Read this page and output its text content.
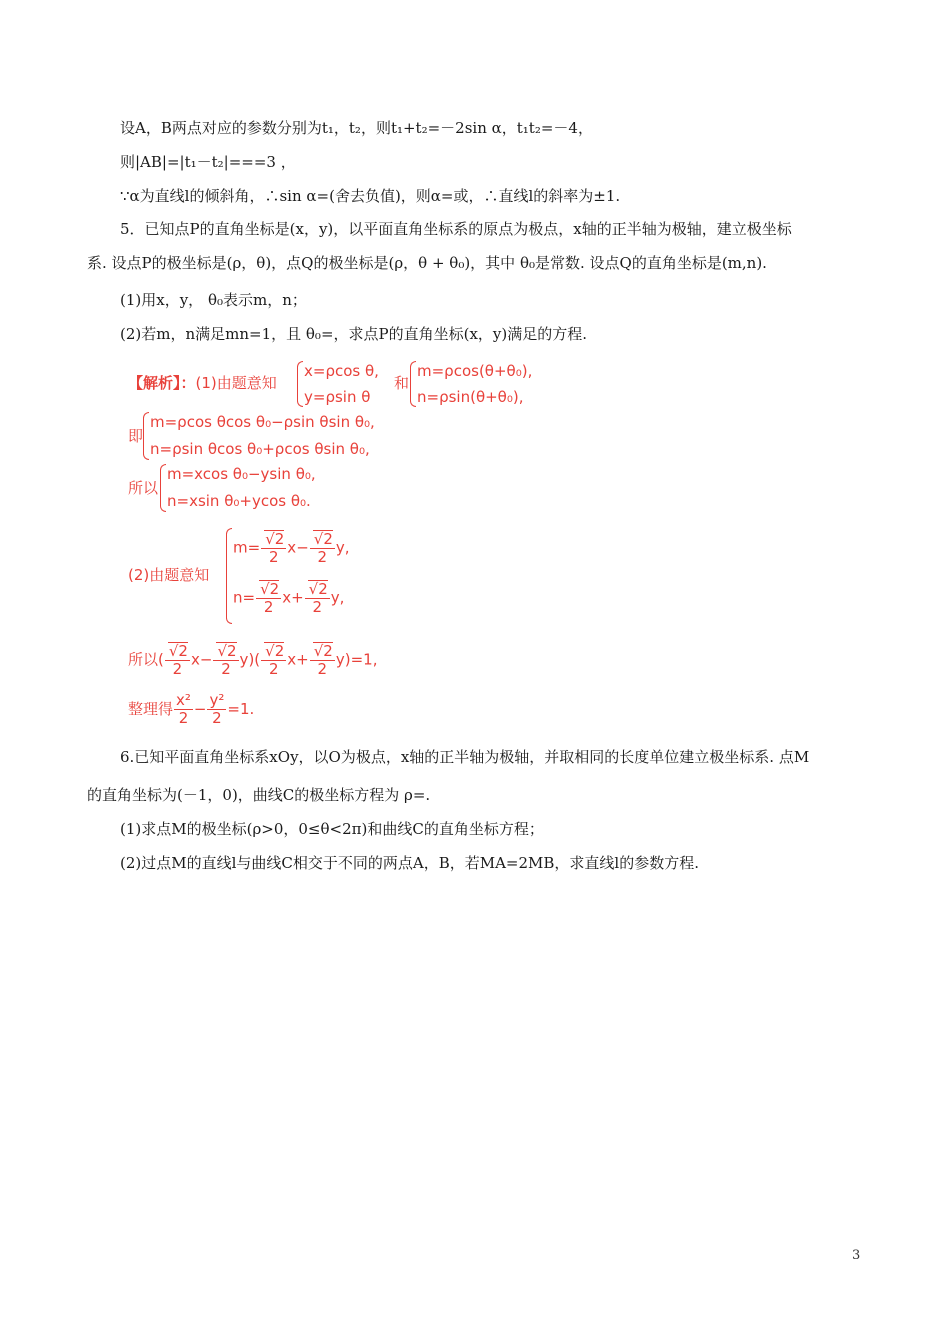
设A，B两点对应的参数分别为t₁，t₂，则t₁+t₂=－2sin α，t₁t₂=－4，
则|AB|=|t₁－t₂|===3 ，
∵α为直线l的倾斜角，∴sin α=(舍去负值)，则α=或，∴直线l的斜率为±1.
5．已知点P的直角坐标是(x，y)，以平面直角坐标系的原点为极点，x轴的正半轴为极轴，建立极坐标
系. 设点P的极坐标是(ρ，θ)，点Q的极坐标是(ρ，θ + θ₀)，其中 θ₀是常数. 设点Q的直角坐标是(m,n).
(1)用x，y， θ₀表示m，n；
(2)若m，n满足mn=1，且 θ₀=，求点P的直角坐标(x，y)满足的方程.
【解析】：(1)由题意知
x=ρcos θ,
y=ρsin θ
和
m=ρcos(θ+θ₀),
n=ρsin(θ+θ₀),
即
m=ρcos θcos θ₀−ρsin θsin θ₀,
n=ρsin θcos θ₀+ρcos θsin θ₀,
所以
m=xcos θ₀−ysin θ₀,
n=xsin θ₀+ycos θ₀.
(2)由题意知
$m= \frac{√2}{2} x- \frac{√2}{2} y$,
$n= \frac{√2}{2} x+ \frac{√2}{2} y$,
所以( $\frac{√2}{2} x- \frac{√2}{2} y)( \frac{√2}{2} x+ \frac{√2}{2} y)=1$,
整理得 $\frac{\text{x²}}{2} - \frac{\text{y²}}{2} =1$.
6.已知平面直角坐标系xOy，以O为极点，x轴的正半轴为极轴，并取相同的长度单位建立极坐标系. 点M
的直角坐标为(－1，0)，曲线C的极坐标方程为 ρ=.
(1)求点M的极坐标(ρ>0，0≤θ<2π)和曲线C的直角坐标方程；
(2)过点M的直线l与曲线C相交于不同的两点A，B，若MA=2MB，求直线l的参数方程.
3
